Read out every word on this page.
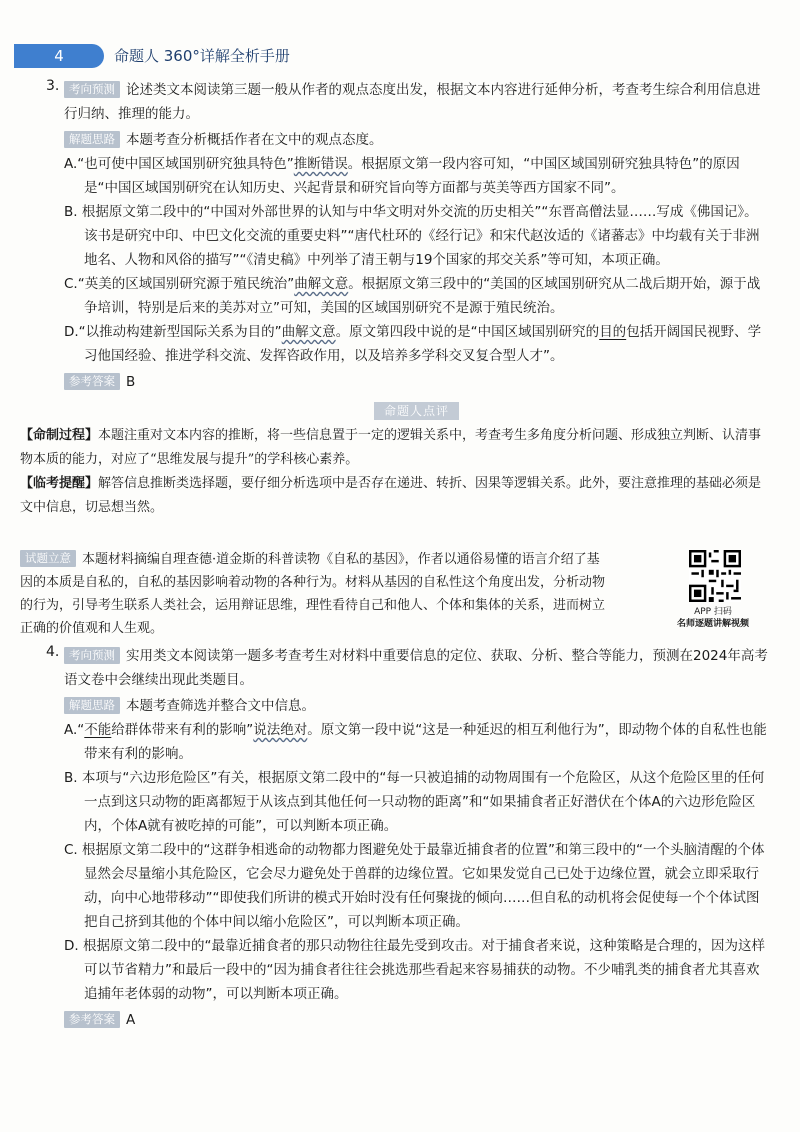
4	命题人 360°详解全析手册
3. 考向预测 论述类文本阅读第三题一般从作者的观点态度出发，根据文本内容进行延伸分析，考查考生综合利用信息进行归纳、推理的能力。

解题思路 本题考查分析概括作者在文中的观点态度。

A.“也可使中国区域国别研究独具特色”推断错误。根据原文第一段内容可知，“中国区域国别研究独具特色”的原因是“中国区域国别研究在认知历史、兴起背景和研究旨向等方面都与英美等西方国家不同”。

B. 根据原文第二段中的“中国对外部世界的认知与中华文明对外交流的历史相关”“东晋高僧法显……写成《佛国记》。该书是研究中印、中巴文化交流的重要史料”“唐代杜环的《经行记》和宋代赵汝适的《诸蕃志》中均载有关于非洲地名、人物和风俗的描写”“《清史稿》中列举了清王朝与19个国家的邦交关系”等可知，本项正确。

C.“英美的区域国别研究源于殖民统治”曲解文意。根据原文第三段中的“美国的区域国别研究从二战后期开始，源于战争培训，特别是后来的美苏对立”可知，美国的区域国别研究不是源于殖民统治。

D.“以推动构建新型国际关系为目的”曲解文意。原文第四段中说的是“中国区域国别研究的目的包括开阔国民视野、学习他国经验、推进学科交流、发挥咨政作用，以及培养多学科交叉复合型人才”。

参考答案 B

命题人点评

【命制过程】本题注重对文本内容的推断，将一些信息置于一定的逻辑关系中，考查考生多角度分析问题、形成独立判断、认清事物本质的能力，对应了“思维发展与提升”的学科核心素养。

【临考提醒】解答信息推断类选择题，要仔细分析选项中是否存在递进、转折、因果等逻辑关系。此外，要注意推理的基础必须是文中信息，切忌想当然。

试题立意 本题材料摘编自理查德·道金斯的科普读物《自私的基因》，作者以通俗易懂的语言介绍了基因的本质是自私的，自私的基因影响着动物的各种行为。材料从基因的自私性这个角度出发，分析动物的行为，引导考生联系人类社会，运用辩证思维，理性看待自己和他人、个体和集体的关系，进而树立正确的价值观和人生观。

APP 扫码
名师逐题讲解视频
4. 考向预测 实用类文本阅读第一题多考查考生对材料中重要信息的定位、获取、分析、整合等能力，预测在2024年高考语文卷中会继续出现此类题目。

解题思路 本题考查筛选并整合文中信息。

A.“不能给群体带来有利的影响”说法绝对。原文第一段中说“这是一种延迟的相互利他行为”，即动物个体的自私性也能带来有利的影响。

B. 本项与“六边形危险区”有关，根据原文第二段中的“每一只被追捕的动物周围有一个危险区，从这个危险区里的任何一点到这只动物的距离都短于从该点到其他任何一只动物的距离”和“如果捕食者正好潜伏在个体A的六边形危险区内，个体A就有被吃掉的可能”，可以判断本项正确。

C. 根据原文第二段中的“这群争相逃命的动物都力图避免处于最靠近捕食者的位置”和第三段中的“一个头脑清醒的个体显然会尽量缩小其危险区，它会尽力避免处于兽群的边缘位置。它如果发觉自己已处于边缘位置，就会立即采取行动，向中心地带移动”“即使我们所讲的模式开始时没有任何聚拢的倾向……但自私的动机将会促使每一个个体试图把自己挤到其他的个体中间以缩小危险区”，可以判断本项正确。

D. 根据原文第二段中的“最靠近捕食者的那只动物往往最先受到攻击。对于捕食者来说，这种策略是合理的，因为这样可以节省精力”和最后一段中的“因为捕食者往往会挑选那些看起来容易捕获的动物。不少哺乳类的捕食者尤其喜欢追捕年老体弱的动物”，可以判断本项正确。

参考答案 A
